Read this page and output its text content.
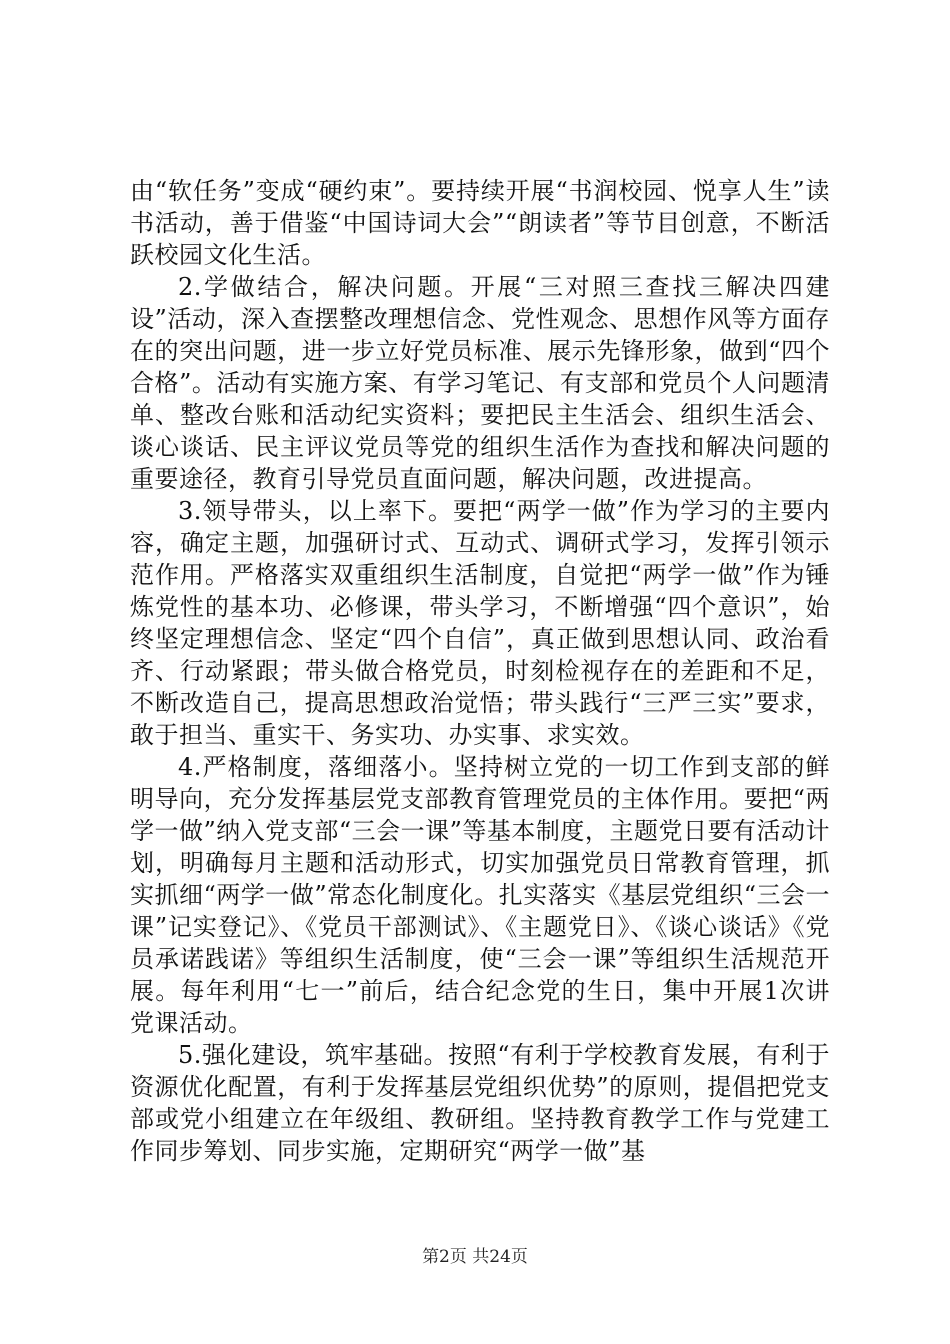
由“软任务”变成“硬约束”。要持续开展“书润校园、悦享人生”读书活动，善于借鉴“中国诗词大会”“朗读者”等节目创意，不断活跃校园文化生活。

2.学做结合，解决问题。开展“三对照三查找三解决四建设”活动，深入查摆整改理想信念、党性观念、思想作风等方面存在的突出问题，进一步立好党员标准、展示先锋形象，做到“四个合格”。活动有实施方案、有学习笔记、有支部和党员个人问题清单、整改台账和活动纪实资料；要把民主生活会、组织生活会、谈心谈话、民主评议党员等党的组织生活作为查找和解决问题的重要途径，教育引导党员直面问题，解决问题，改进提高。

3.领导带头，以上率下。要把“两学一做”作为学习的主要内容，确定主题，加强研讨式、互动式、调研式学习，发挥引领示范作用。严格落实双重组织生活制度，自觉把“两学一做”作为锤炼党性的基本功、必修课，带头学习，不断增强“四个意识”，始终坚定理想信念、坚定“四个自信”，真正做到思想认同、政治看齐、行动紧跟；带头做合格党员，时刻检视存在的差距和不足，不断改造自己，提高思想政治觉悟；带头践行“三严三实”要求，敢于担当、重实干、务实功、办实事、求实效。

4.严格制度，落细落小。坚持树立党的一切工作到支部的鲜明导向，充分发挥基层党支部教育管理党员的主体作用。要把“两学一做”纳入党支部“三会一课”等基本制度，主题党日要有活动计划，明确每月主题和活动形式，切实加强党员日常教育管理，抓实抓细“两学一做”常态化制度化。扎实落实《基层党组织“三会一课”记实登记》、《党员干部测试》、《主题党日》、《谈心谈话》《党员承诺践诺》等组织生活制度，使“三会一课”等组织生活规范开展。每年利用“七一”前后，结合纪念党的生日，集中开展1次讲党课活动。

5.强化建设，筑牢基础。按照“有利于学校教育发展，有利于资源优化配置，有利于发挥基层党组织优势”的原则，提倡把党支部或党小组建立在年级组、教研组。坚持教育教学工作与党建工作同步筹划、同步实施，定期研究“两学一做”基

第2页 共24页
